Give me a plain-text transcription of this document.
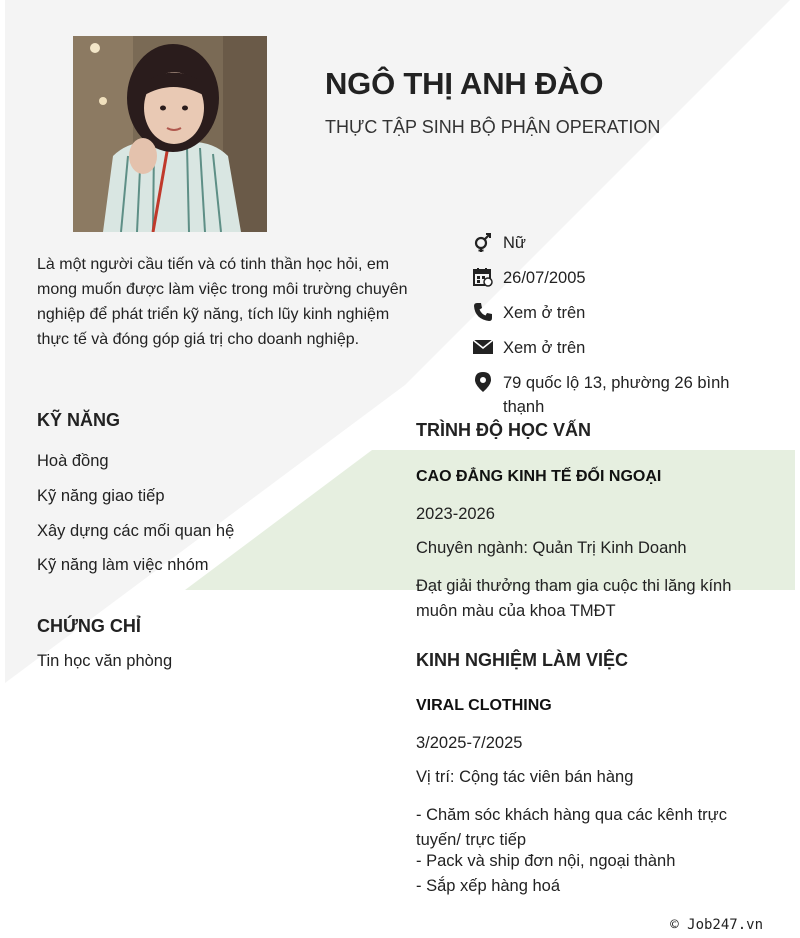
NGÔ THỊ ANH ĐÀO
THỰC TẬP SINH BỘ PHẬN OPERATION
Là một người cầu tiến và có tinh thần học hỏi, em mong muốn được làm việc trong môi trường chuyên nghiệp để phát triển kỹ năng, tích lũy kinh nghiệm thực tế và đóng góp giá trị cho doanh nghiệp.
Nữ
26/07/2005
Xem ở trên
Xem ở trên
79 quốc lộ 13, phường 26 bình thạnh
KỸ NĂNG
Hoà đồng
Kỹ năng giao tiếp
Xây dựng các mối quan hệ
Kỹ năng làm việc nhóm
CHỨNG CHỈ
Tin học văn phòng
TRÌNH ĐỘ HỌC VẤN
CAO ĐẲNG KINH TẾ ĐỐI NGOẠI
2023-2026
Chuyên ngành: Quản Trị Kinh Doanh
Đạt giải thưởng tham gia cuộc thi lăng kính muôn màu của khoa TMĐT
KINH NGHIỆM LÀM VIỆC
VIRAL CLOTHING
3/2025-7/2025
Vị trí: Cộng tác viên bán hàng
- Chăm sóc khách hàng qua các kênh trực tuyến/ trực tiếp
- Pack và ship đơn nội, ngoại thành
- Sắp xếp hàng hoá
© Job247.vn
